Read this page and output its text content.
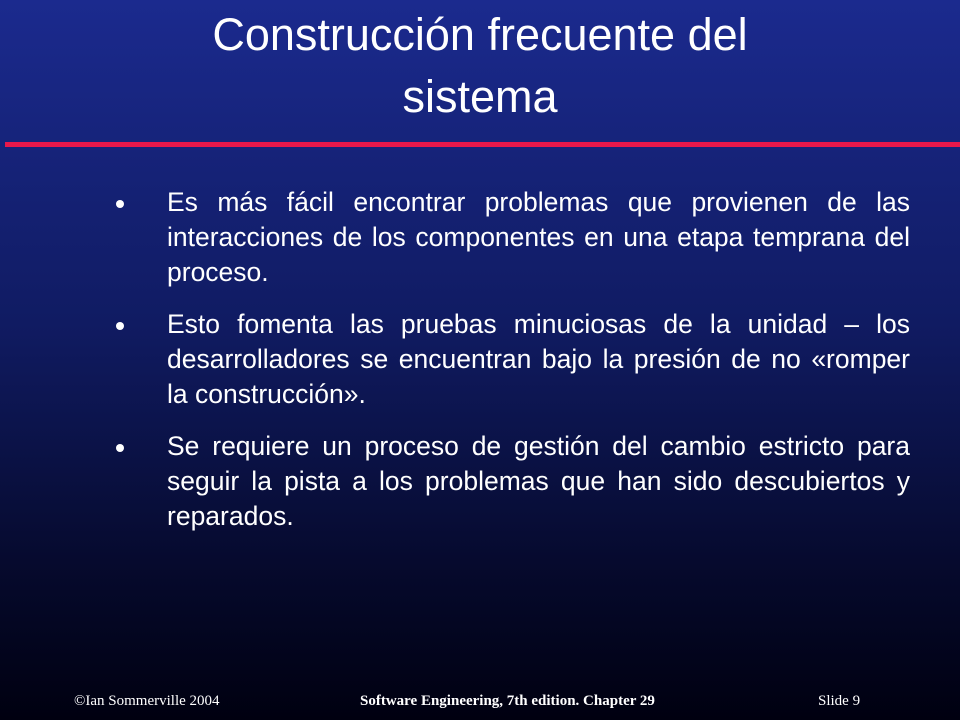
Construcción frecuente del
sistema
Es más fácil encontrar problemas que provienen de las interacciones de los componentes en una etapa temprana del proceso.
Esto fomenta las pruebas minuciosas de la unidad – los desarrolladores se encuentran bajo la presión de no «romper la construcción».
Se requiere un proceso de gestión del cambio estricto para seguir la pista a los problemas que han sido descubiertos y reparados.
©Ian Sommerville 2004	Software Engineering, 7th edition. Chapter 29	Slide 9
